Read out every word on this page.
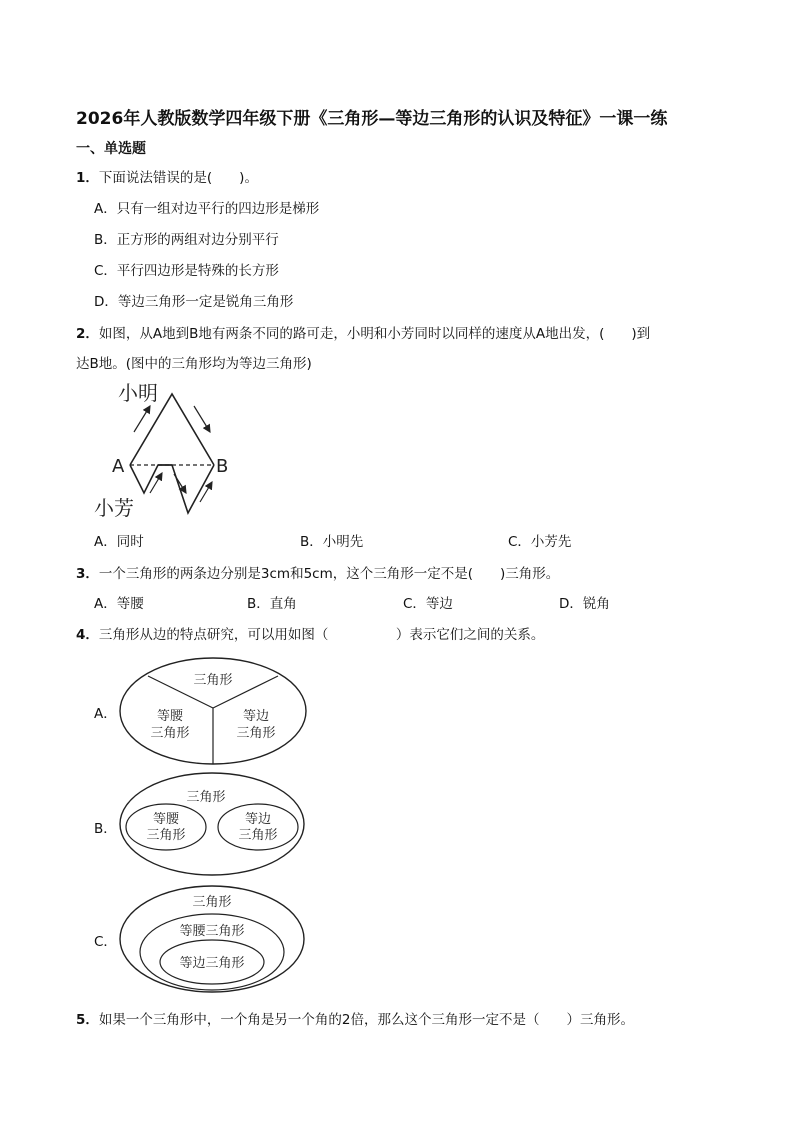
2026年人教版数学四年级下册《三角形—等边三角形的认识及特征》一课一练
一、单选题
1．下面说法错误的是(　　)。
A．只有一组对边平行的四边形是梯形
B．正方形的两组对边分别平行
C．平行四边形是特殊的长方形
D．等边三角形一定是锐角三角形
2．如图，从A地到B地有两条不同的路可走，小明和小芳同时以同样的速度从A地出发，(　　)到
达B地。(图中的三角形均为等边三角形)
小明
小芳
A	B
A．同时	B．小明先	C．小芳先
3．一个三角形的两条边分别是3cm和5cm，这个三角形一定不是(　　)三角形。
A．等腰	B．直角	C．等边	D．锐角
4．三角形从边的特点研究，可以用如图（　　　　　）表示它们之间的关系。
A．
三角形
等腰
三角形
等边
三角形
B．
三角形
等腰
三角形
等边
三角形
C．
三角形
等腰三角形
等边三角形
5．如果一个三角形中，一个角是另一个角的2倍，那么这个三角形一定不是（　　）三角形。
